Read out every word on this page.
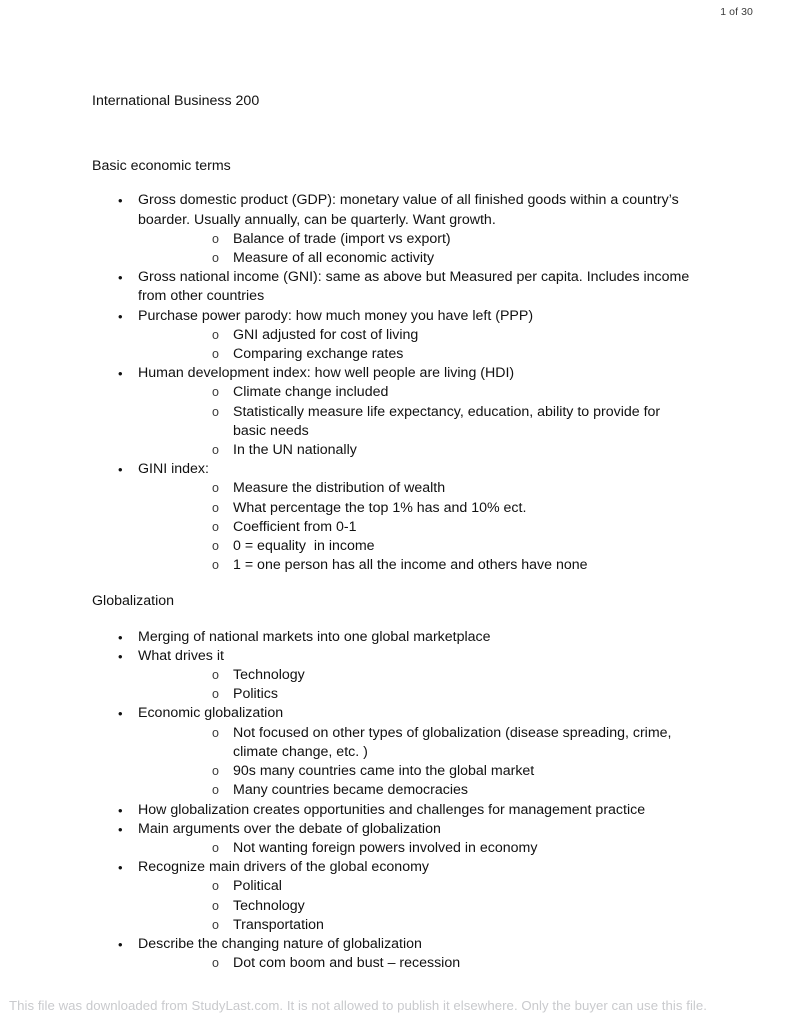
1 of 30

International Business 200

Basic economic terms

• Gross domestic product (GDP): monetary value of all finished goods within a country’s boarder. Usually annually, can be quarterly. Want growth.
o Balance of trade (import vs export)
o Measure of all economic activity
• Gross national income (GNI): same as above but Measured per capita. Includes income from other countries
• Purchase power parody: how much money you have left (PPP)
o GNI adjusted for cost of living
o Comparing exchange rates
• Human development index: how well people are living (HDI)
o Climate change included
o Statistically measure life expectancy, education, ability to provide for basic needs
o In the UN nationally
• GINI index:
o Measure the distribution of wealth
o What percentage the top 1% has and 10% ect.
o Coefficient from 0-1
o 0 = equality  in income
o 1 = one person has all the income and others have none

Globalization

• Merging of national markets into one global marketplace
• What drives it
o Technology
o Politics
• Economic globalization
o Not focused on other types of globalization (disease spreading, crime, climate change, etc. )
o 90s many countries came into the global market
o Many countries became democracies
• How globalization creates opportunities and challenges for management practice
• Main arguments over the debate of globalization
o Not wanting foreign powers involved in economy
• Recognize main drivers of the global economy
o Political
o Technology
o Transportation
• Describe the changing nature of globalization
o Dot com boom and bust – recession
This file was downloaded from StudyLast.com. It is not allowed to publish it elsewhere. Only the buyer can use this file.
